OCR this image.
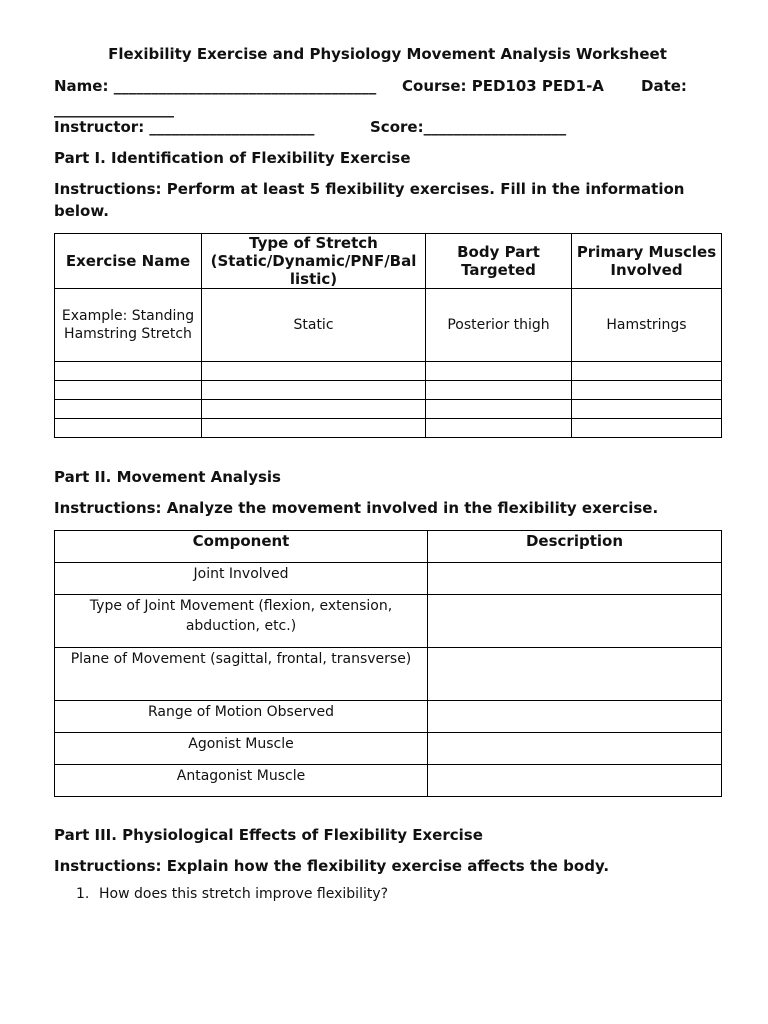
Flexibility Exercise and Physiology Movement Analysis Worksheet
Name: ___________________________________ Course: PED103 PED1-A Date:
________________
Instructor: ______________________	Score:___________________
Part I. Identification of Flexibility Exercise
Instructions: Perform at least 5 flexibility exercises. Fill in the information
below.
Exercise Name	Type of Stretch (Static/Dynamic/PNF/Bal listic)	Body Part Targeted	Primary Muscles Involved
Example: Standing Hamstring Stretch	Static	Posterior thigh	Hamstrings

Part II. Movement Analysis
Instructions: Analyze the movement involved in the flexibility exercise.
Component	Description
Joint Involved	
Type of Joint Movement (flexion, extension, abduction, etc.)	
Plane of Movement (sagittal, frontal, transverse)	
Range of Motion Observed	
Agonist Muscle	
Antagonist Muscle	
Part III. Physiological Effects of Flexibility Exercise
Instructions: Explain how the flexibility exercise affects the body.
1. How does this stretch improve flexibility?
